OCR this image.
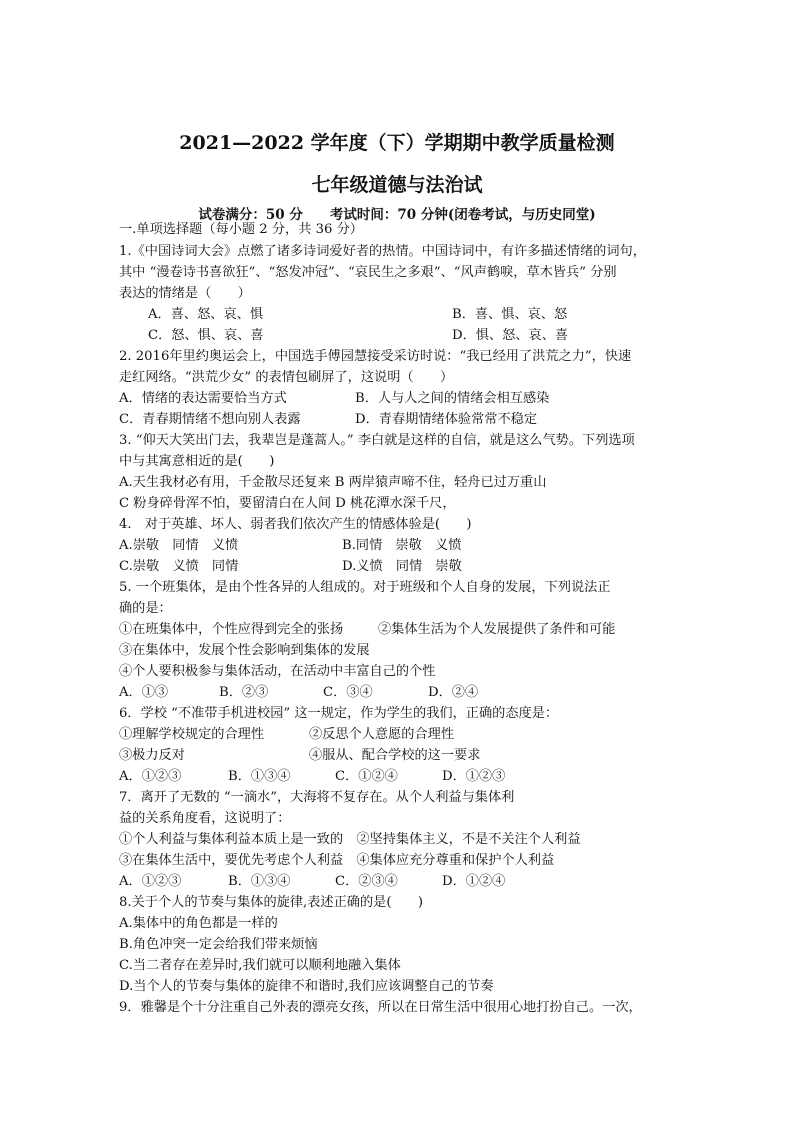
2021—2022 学年度（下）学期期中教学质量检测
七年级道德与法治试
试卷满分：50 分　　考试时间：70 分钟(闭卷考试，与历史同堂)
一.单项选择题（每小题 2 分，共 36 分）
1.《中国诗词大会》点燃了诸多诗词爱好者的热情。中国诗词中，有许多描述情绪的词句，
其中 “漫卷诗书喜欲狂”、“怒发冲冠”、“哀民生之多艰”、“风声鹤唳，草木皆兵” 分别
表达的情绪是（　　）
A．喜、怒、哀、惧	B．喜、惧、哀、怒
C．怒、惧、哀、喜	D．惧、怒、哀、喜
2. 2016年里约奥运会上，中国选手傅园慧接受采访时说：“我已经用了洪荒之力”，快速
走红网络。“洪荒少女” 的表情包刷屏了，这说明（　　）
A．情绪的表达需要恰当方式	B．人与人之间的情绪会相互感染
C．青春期情绪不想向别人表露	D．青春期情绪体验常常不稳定
3. “仰天大笑出门去，我辈岂是蓬蒿人。” 李白就是这样的自信，就是这么气势。下列选项
中与其寓意相近的是(　　)
A.天生我材必有用，千金散尽还复来 B 两岸猿声啼不住，轻舟已过万重山
C 粉身碎骨浑不怕，要留清白在人间 D 桃花潭水深千尺，
4.　对于英雄、坏人、弱者我们依次产生的情感体验是(　　)
A.崇敬　同情　义愤	B.同情　崇敬　义愤
C.崇敬　义愤　同情	D.义愤　同情　崇敬
5. 一个班集体，是由个性各异的人组成的。对于班级和个人自身的发展，下列说法正
确的是：
①在班集体中，个性应得到完全的张扬	②集体生活为个人发展提供了条件和可能
③在集体中，发展个性会影响到集体的发展
④个人要积极参与集体活动，在活动中丰富自己的个性
A．①③	B．②③	C．③④	D．②④
6．学校 “不准带手机进校园” 这一规定，作为学生的我们，正确的态度是：
①理解学校规定的合理性	②反思个人意愿的合理性
③极力反对	④服从、配合学校的这一要求
A．①②③	B．①③④	C．①②④	D．①②③
7．离开了无数的 “一滴水”，大海将不复存在。从个人利益与集体利
益的关系角度看，这说明了：
①个人利益与集体利益本质上是一致的　②坚持集体主义，不是不关注个人利益
③在集体生活中，要优先考虑个人利益　④集体应充分尊重和保护个人利益
A．①②③	B．①③④	C．②③④	D．①②④
8.关于个人的节奏与集体的旋律,表述正确的是(　　)
A.集体中的角色都是一样的
B.角色冲突一定会给我们带来烦恼
C.当二者存在差异时,我们就可以顺利地融入集体
D.当个人的节奏与集体的旋律不和谐时,我们应该调整自己的节奏
9．雅馨是个十分注重自己外表的漂亮女孩，所以在日常生活中很用心地打扮自己。一次，
